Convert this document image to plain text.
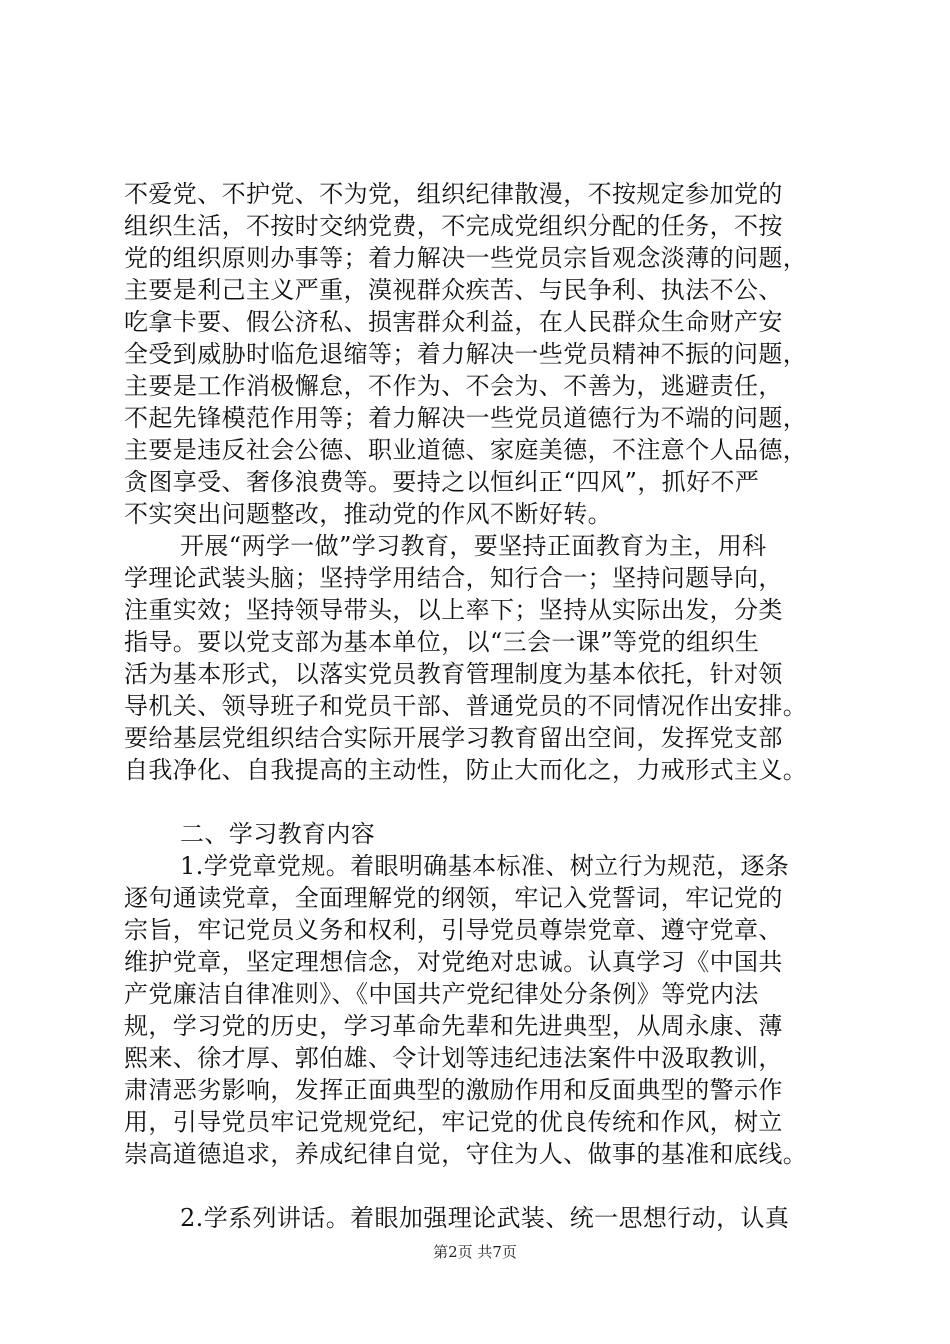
不爱党、不护党、不为党，组织纪律散漫，不按规定参加党的
组织生活，不按时交纳党费，不完成党组织分配的任务，不按
党的组织原则办事等；着力解决一些党员宗旨观念淡薄的问题，
主要是利己主义严重，漠视群众疾苦、与民争利、执法不公、
吃拿卡要、假公济私、损害群众利益，在人民群众生命财产安
全受到威胁时临危退缩等；着力解决一些党员精神不振的问题，
主要是工作消极懈怠，不作为、不会为、不善为，逃避责任，
不起先锋模范作用等；着力解决一些党员道德行为不端的问题，
主要是违反社会公德、职业道德、家庭美德，不注意个人品德，
贪图享受、奢侈浪费等。要持之以恒纠正“四风”，抓好不严
不实突出问题整改，推动党的作风不断好转。
开展“两学一做”学习教育，要坚持正面教育为主，用科
学理论武装头脑；坚持学用结合，知行合一；坚持问题导向，
注重实效；坚持领导带头，以上率下；坚持从实际出发，分类
指导。要以党支部为基本单位，以“三会一课”等党的组织生
活为基本形式，以落实党员教育管理制度为基本依托，针对领
导机关、领导班子和党员干部、普通党员的不同情况作出安排。
要给基层党组织结合实际开展学习教育留出空间，发挥党支部
自我净化、自我提高的主动性，防止大而化之，力戒形式主义。
二、学习教育内容
1.学党章党规。着眼明确基本标准、树立行为规范，逐条
逐句通读党章，全面理解党的纲领，牢记入党誓词，牢记党的
宗旨，牢记党员义务和权利，引导党员尊崇党章、遵守党章、
维护党章，坚定理想信念，对党绝对忠诚。认真学习《中国共
产党廉洁自律准则》、《中国共产党纪律处分条例》等党内法
规，学习党的历史，学习革命先辈和先进典型，从周永康、薄
熙来、徐才厚、郭伯雄、令计划等违纪违法案件中汲取教训，
肃清恶劣影响，发挥正面典型的激励作用和反面典型的警示作
用，引导党员牢记党规党纪，牢记党的优良传统和作风，树立
崇高道德追求，养成纪律自觉，守住为人、做事的基准和底线。
2.学系列讲话。着眼加强理论武装、统一思想行动，认真
第2页 共7页
